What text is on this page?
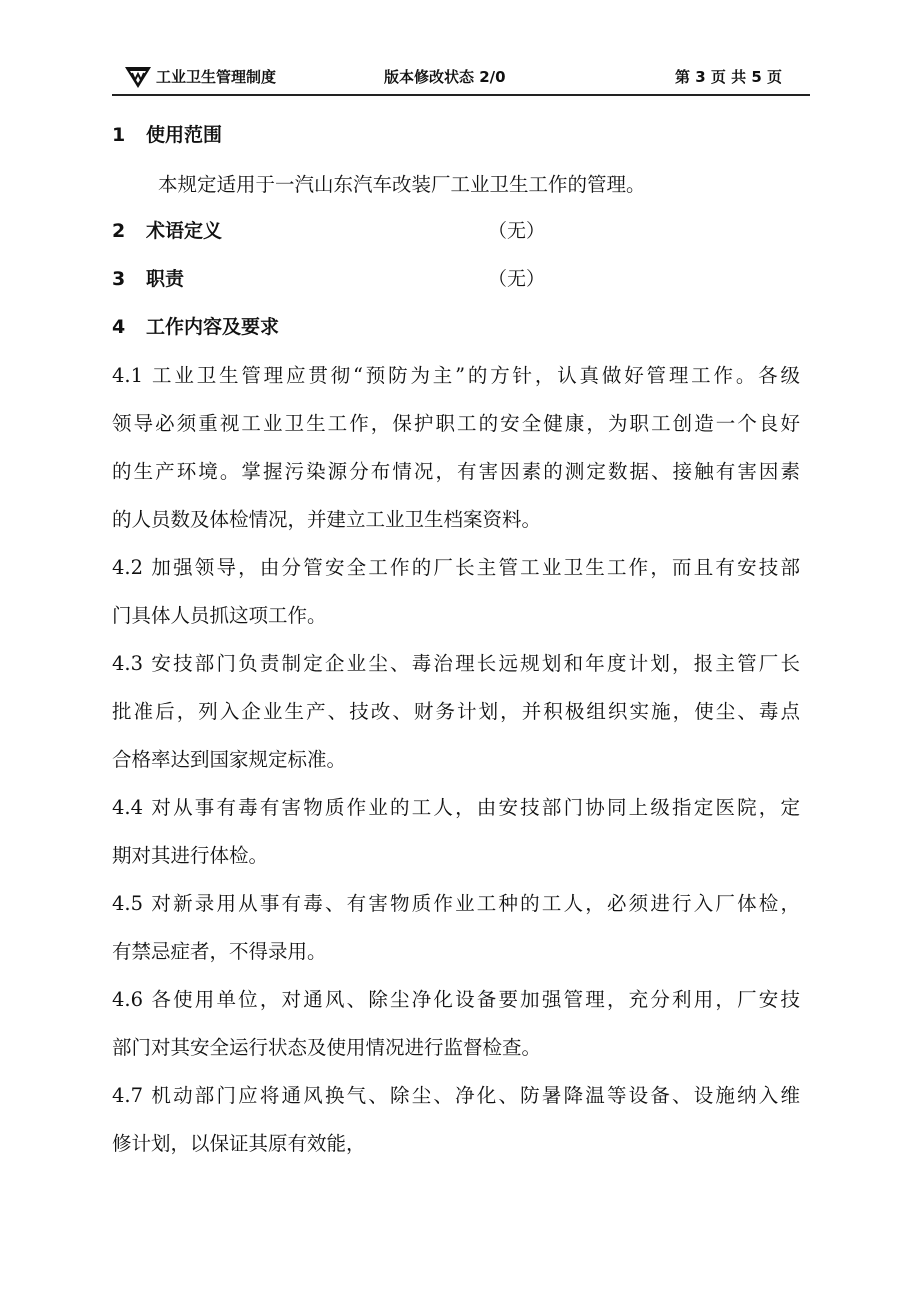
工业卫生管理制度	版本修改状态 2/0	第 3 页 共 5 页
1 使用范围
本规定适用于一汽山东汽车改装厂工业卫生工作的管理。
2 术语定义	（无）
3 职责	（无）
4 工作内容及要求
4.1 工业卫生管理应贯彻“预防为主”的方针，认真做好管理工作。各级
领导必须重视工业卫生工作，保护职工的安全健康，为职工创造一个良好
的生产环境。掌握污染源分布情况，有害因素的测定数据、接触有害因素
的人员数及体检情况，并建立工业卫生档案资料。
4.2 加强领导，由分管安全工作的厂长主管工业卫生工作，而且有安技部
门具体人员抓这项工作。
4.3 安技部门负责制定企业尘、毒治理长远规划和年度计划，报主管厂长
批准后，列入企业生产、技改、财务计划，并积极组织实施，使尘、毒点
合格率达到国家规定标准。
4.4 对从事有毒有害物质作业的工人，由安技部门协同上级指定医院，定
期对其进行体检。
4.5 对新录用从事有毒、有害物质作业工种的工人，必须进行入厂体检，
有禁忌症者，不得录用。
4.6 各使用单位，对通风、除尘净化设备要加强管理，充分利用，厂安技
部门对其安全运行状态及使用情况进行监督检查。
4.7 机动部门应将通风换气、除尘、净化、防暑降温等设备、设施纳入维
修计划，以保证其原有效能，
